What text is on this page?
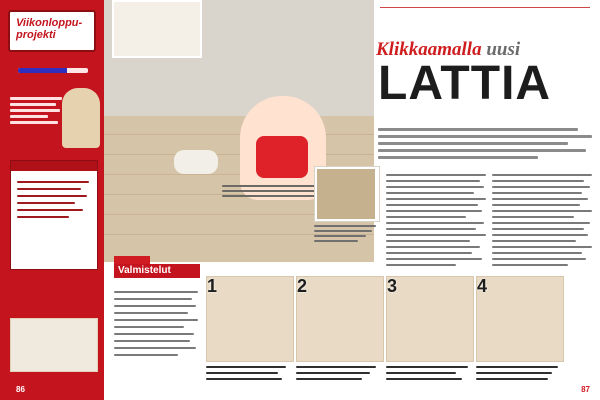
Viikonloppu- projekti
86
Klikkaamalla uusi
LATTIA
Valmistelut
1	2	3	4
87
